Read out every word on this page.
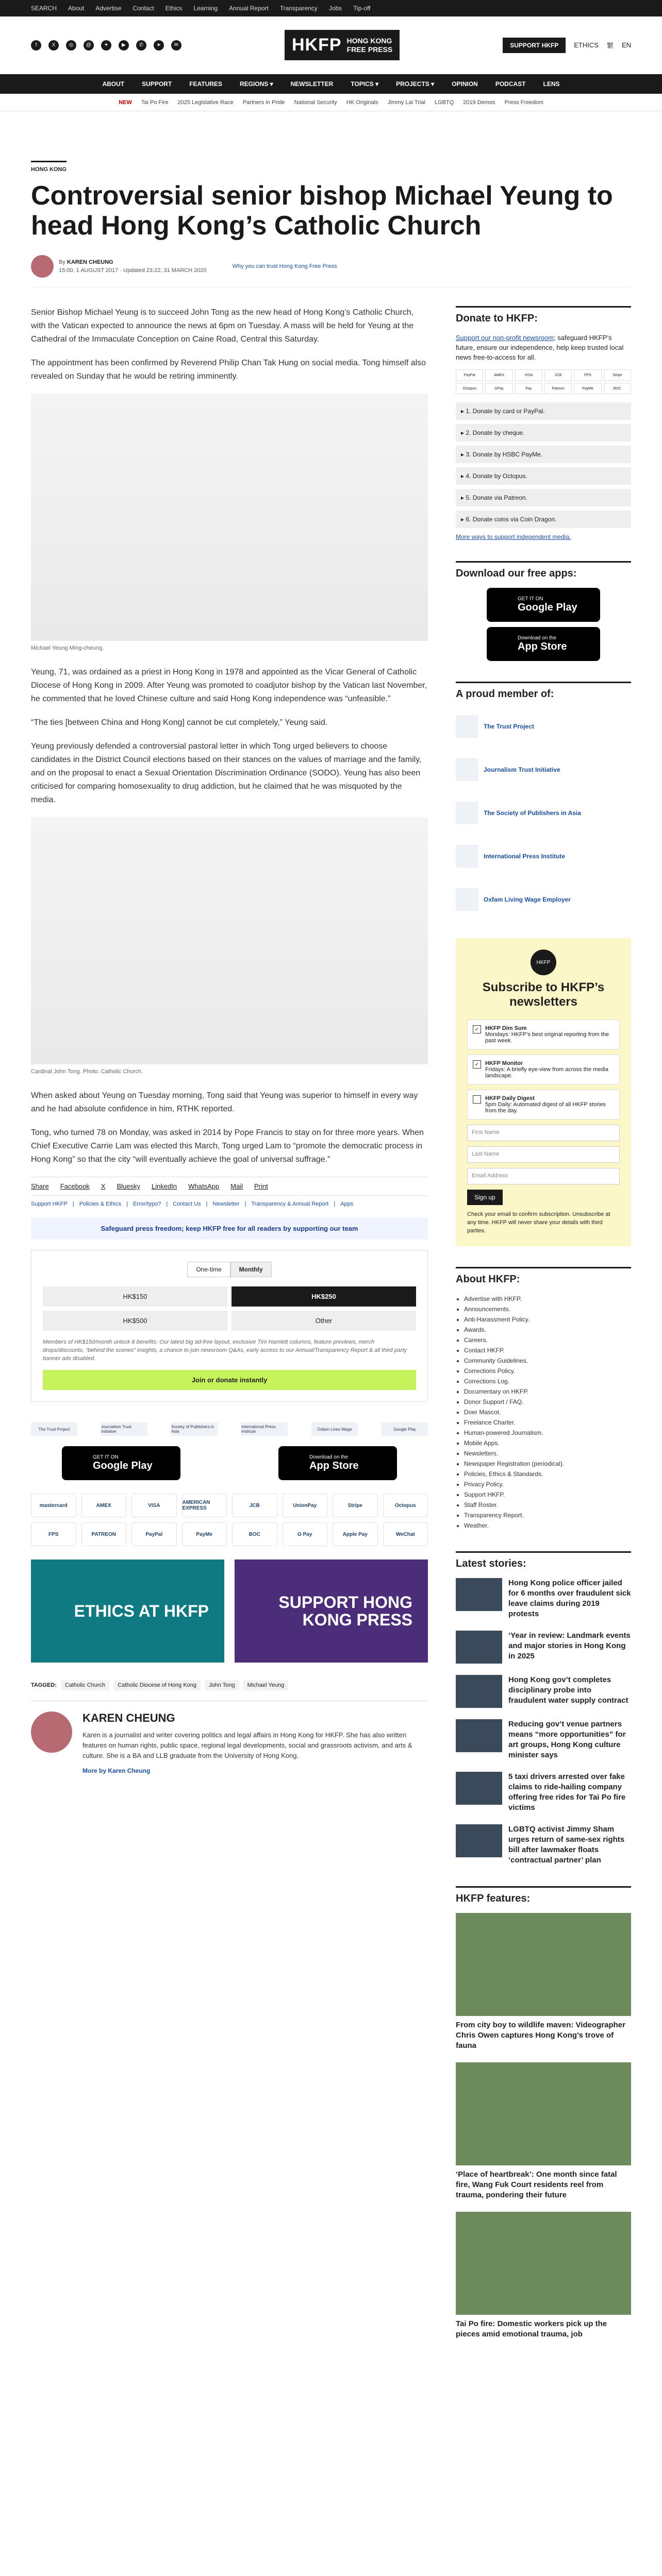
SEARCH About Advertise Contact Ethics Learning Annual Report Transparency Jobs Tip-off
f	X	◎	@	✦	▶	✆	➤	✉	HKFP HONG KONG
FREE PRESS	SUPPORT HKFP	ETHICS 繁 EN
ABOUT	SUPPORT	FEATURES	REGIONS ▾	NEWSLETTER	TOPICS ▾	PROJECTS ▾	OPINION	PODCAST	LENS
NEW Tai Po Fire 2025 Legislative Race Partners in Pride National Security HK Originals Jimmy Lai Trial LGBTQ 2019 Demos Press Freedom
HONG KONG
Controversial senior bishop Michael Yeung to head Hong Kong’s Catholic Church
By KAREN CHEUNG
15:00, 1 AUGUST 2017 · Updated 23:22, 31 MARCH 2020
Why you can trust Hong Kong Free Press

Senior Bishop Michael Yeung is to succeed John Tong as the new head of Hong Kong’s Catholic Church, with the Vatican expected to announce the news at 6pm on Tuesday. A mass will be held for Yeung at the Cathedral of the Immaculate Conception on Caine Road, Central this Saturday.

The appointment has been confirmed by Reverend Philip Chan Tak Hung on social media. Tong himself also revealed on Sunday that he would be retiring imminently.

Michael Yeung Ming-cheung.

Yeung, 71, was ordained as a priest in Hong Kong in 1978 and appointed as the Vicar General of Catholic Diocese of Hong Kong in 2009. After Yeung was promoted to coadjutor bishop by the Vatican last November, he commented that he loved Chinese culture and said Hong Kong independence was “unfeasible.”

“The ties [between China and Hong Kong] cannot be cut completely,” Yeung said.

Yeung previously defended a controversial pastoral letter in which Tong urged believers to choose candidates in the District Council elections based on their stances on the values of marriage and the family, and on the proposal to enact a Sexual Orientation Discrimination Ordinance (SODO). Yeung has also been criticised for comparing homosexuality to drug addiction, but he claimed that he was misquoted by the media.

Cardinal John Tong. Photo: Catholic Church.

When asked about Yeung on Tuesday morning, Tong said that Yeung was superior to himself in every way and he had absolute confidence in him, RTHK reported.

Tong, who turned 78 on Monday, was asked in 2014 by Pope Francis to stay on for three more years. When Chief Executive Carrie Lam was elected this March, Tong urged Lam to “promote the democratic process in Hong Kong” so that the city “will eventually achieve the goal of universal suffrage.”

Share Facebook X Bluesky LinkedIn WhatsApp Mail Print
Support HKFP | Policies & Ethics | Error/typo? | Contact Us | Newsletter | Transparency & Annual Report | Apps
Safeguard press freedom; keep HKFP free for all readers by supporting our team
One-time	Monthly
HK$150	HK$250
HK$500	Other
Members of HK$150/month unlock 8 benefits: Our latest big ad-free layout, exclusive Tim Hamlett columns, feature previews, merch drops/discounts, “behind the scenes” insights, a chance to join newsroom Q&As, early access to our Annual/Transparency Report & all third party banner ads disabled.
Join or donate instantly
The Trust Project	Journalism Trust Initiative
Society of Publishers in Asia
International Press Institute	Oxfam Lives Wage	Google Play
GET IT ON
Google Play
Download on the
App Store
mastercard	AMEX	VISA	AMERICAN EXPRESS	JCB	UnionPay	Stripe	Octopus
FPS	PATREON	PayPal	PayMe	BOC	G Pay	Apple Pay	WeChat
ETHICS AT HKFP	SUPPORT HONG KONG PRESS
TAGGED:	Catholic Church	Catholic Diocese of Hong Kong	John Tong	Michael Yeung
KAREN CHEUNG

Karen is a journalist and writer covering politics and legal affairs in Hong Kong for HKFP. She has also written features on human rights, public space, regional legal developments, social and grassroots activism, and arts & culture. She is a BA and LLB graduate from the University of Hong Kong.

More by Karen Cheung
Donate to HKFP:

Support our non-profit newsroom; safeguard HKFP’s future, ensure our independence, help keep trusted local news free-to-access for all.

PayPal	AMEX	VISA	JCB	FPS	Stripe
Octopus	GPay	Pay	Patreon	PayMe	BOC
▸ 1. Donate by card or PayPal.
▸ 2. Donate by cheque.
▸ 3. Donate by HSBC PayMe.
▸ 4. Donate by Octopus.
▸ 5. Donate via Patreon.
▸ 6. Donate coins via Coin Dragon.
More ways to support independent media.
Download our free apps:
GET IT ON
Google Play
Download on the
App Store
A proud member of:
The Trust Project
Journalism Trust Initiative
The Society of Publishers in Asia
International Press Institute
Oxfam Living Wage Employer
HKFP
Subscribe to HKFP’s newsletters
✓	HKFP Dim Sum
Mondays: HKFP’s best original reporting from the past week.
✓	HKFP Monitor
Fridays: A briefly eye-view from across the media landscape.
HKFP Daily Digest
5pm Daily: Automated digest of all HKFP stories from the day.
First Name
Last Name
Email Address
Sign up
Check your email to confirm subscription. Unsubscribe at any time. HKFP will never share your details with third parties.
About HKFP:
• Advertise with HKFP.
• Announcements.
• Anti-Harassment Policy.
• Awards.
• Careers.
• Contact HKFP.
• Community Guidelines.
• Corrections Policy.
• Corrections Log.
• Documentary on HKFP.
• Donor Support / FAQ.
• Doer Mascot.
• Freelance Charter.
• Human-powered Journalism.
• Mobile Apps.
• Newsletters.
• Newspaper Registration (periodical).
• Policies, Ethics & Standards.
• Privacy Policy.
• Support HKFP.
• Staff Roster.
• Transparency Report.
• Weather.
Latest stories:
Hong Kong police officer jailed for 6 months over fraudulent sick leave claims during 2019 protests
‘Year in review: Landmark events and major stories in Hong Kong in 2025
Hong Kong gov’t completes disciplinary probe into fraudulent water supply contract
Reducing gov’t venue partners means “more opportunities” for art groups, Hong Kong culture minister says
5 taxi drivers arrested over fake claims to ride-hailing company offering free rides for Tai Po fire victims
LGBTQ activist Jimmy Sham urges return of same-sex rights bill after lawmaker floats ‘contractual partner’ plan
HKFP features:
From city boy to wildlife maven: Videographer Chris Owen captures Hong Kong’s trove of fauna
‘Place of heartbreak’: One month since fatal fire, Wang Fuk Court residents reel from trauma, pondering their future
Tai Po fire: Domestic workers pick up the pieces amid emotional trauma, job
